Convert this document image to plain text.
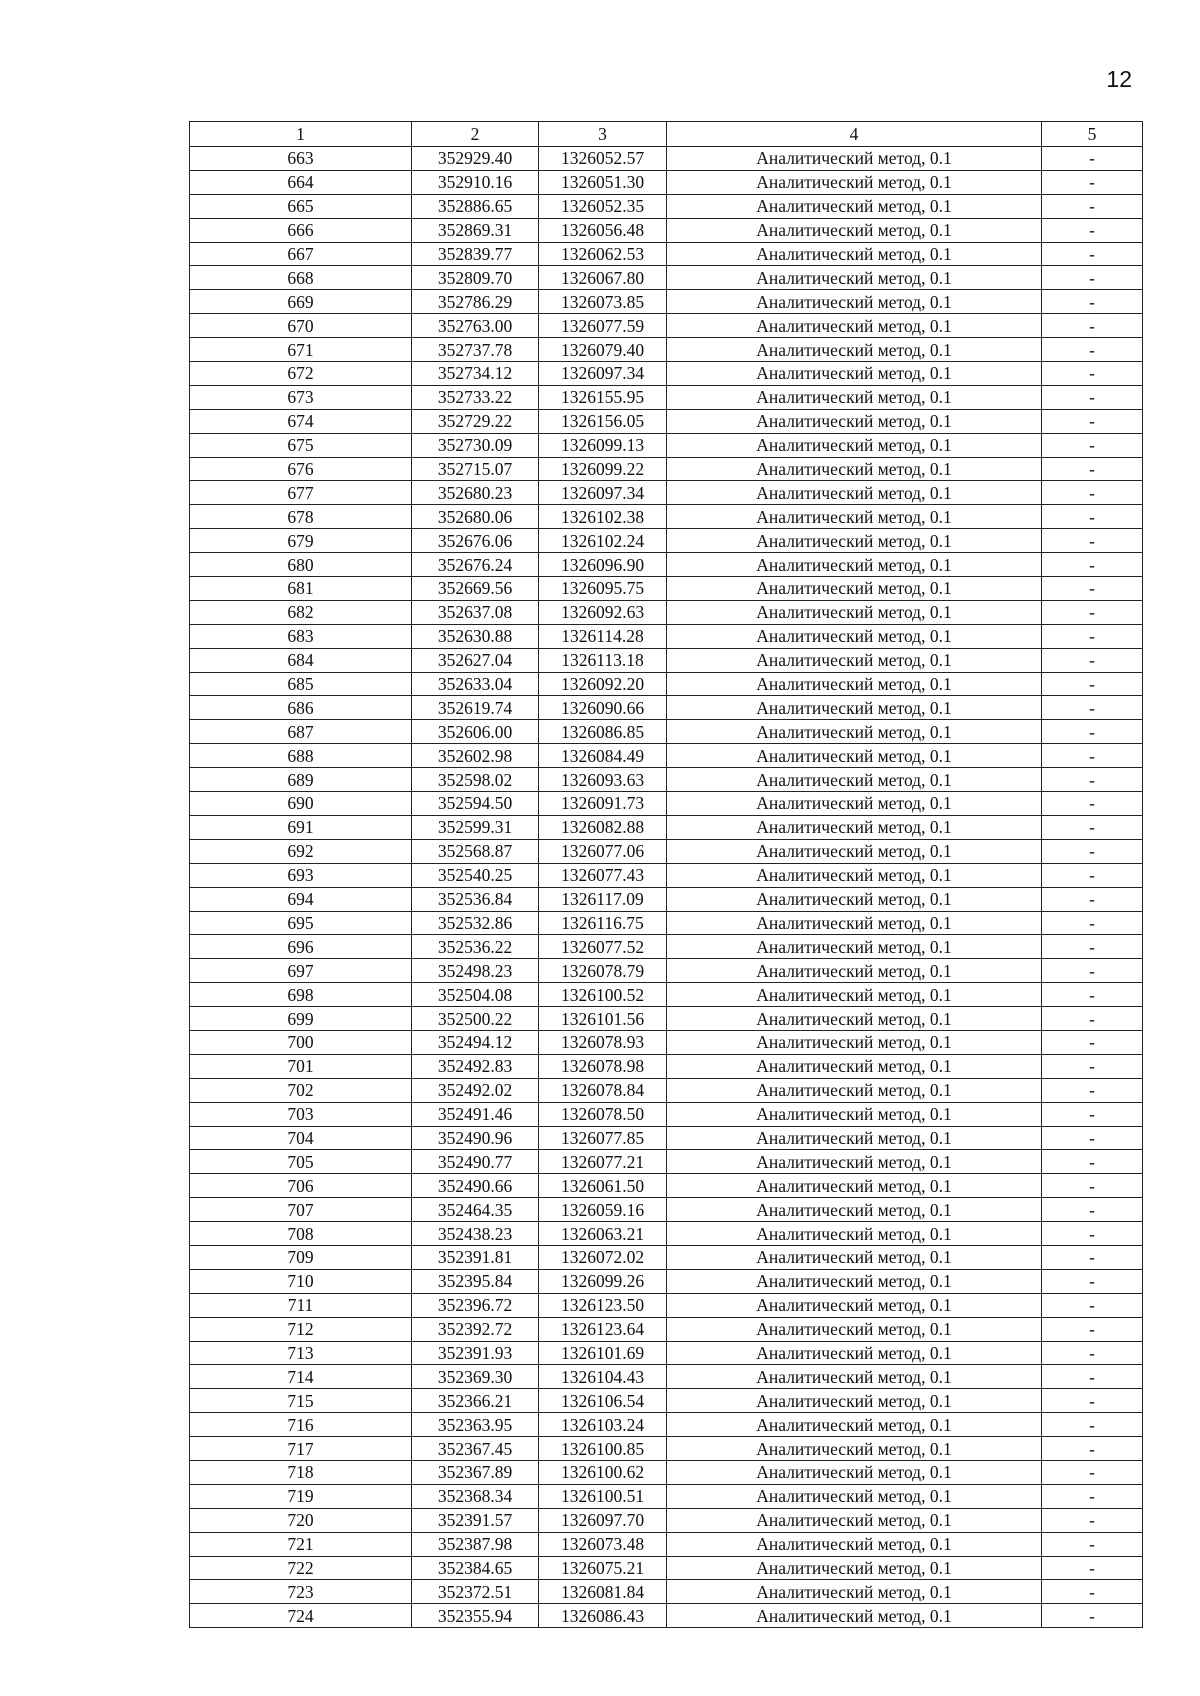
12
1	2	3	4	5
663	352929.40	1326052.57	Аналитический метод, 0.1	-
664	352910.16	1326051.30	Аналитический метод, 0.1	-
665	352886.65	1326052.35	Аналитический метод, 0.1	-
666	352869.31	1326056.48	Аналитический метод, 0.1	-
667	352839.77	1326062.53	Аналитический метод, 0.1	-
668	352809.70	1326067.80	Аналитический метод, 0.1	-
669	352786.29	1326073.85	Аналитический метод, 0.1	-
670	352763.00	1326077.59	Аналитический метод, 0.1	-
671	352737.78	1326079.40	Аналитический метод, 0.1	-
672	352734.12	1326097.34	Аналитический метод, 0.1	-
673	352733.22	1326155.95	Аналитический метод, 0.1	-
674	352729.22	1326156.05	Аналитический метод, 0.1	-
675	352730.09	1326099.13	Аналитический метод, 0.1	-
676	352715.07	1326099.22	Аналитический метод, 0.1	-
677	352680.23	1326097.34	Аналитический метод, 0.1	-
678	352680.06	1326102.38	Аналитический метод, 0.1	-
679	352676.06	1326102.24	Аналитический метод, 0.1	-
680	352676.24	1326096.90	Аналитический метод, 0.1	-
681	352669.56	1326095.75	Аналитический метод, 0.1	-
682	352637.08	1326092.63	Аналитический метод, 0.1	-
683	352630.88	1326114.28	Аналитический метод, 0.1	-
684	352627.04	1326113.18	Аналитический метод, 0.1	-
685	352633.04	1326092.20	Аналитический метод, 0.1	-
686	352619.74	1326090.66	Аналитический метод, 0.1	-
687	352606.00	1326086.85	Аналитический метод, 0.1	-
688	352602.98	1326084.49	Аналитический метод, 0.1	-
689	352598.02	1326093.63	Аналитический метод, 0.1	-
690	352594.50	1326091.73	Аналитический метод, 0.1	-
691	352599.31	1326082.88	Аналитический метод, 0.1	-
692	352568.87	1326077.06	Аналитический метод, 0.1	-
693	352540.25	1326077.43	Аналитический метод, 0.1	-
694	352536.84	1326117.09	Аналитический метод, 0.1	-
695	352532.86	1326116.75	Аналитический метод, 0.1	-
696	352536.22	1326077.52	Аналитический метод, 0.1	-
697	352498.23	1326078.79	Аналитический метод, 0.1	-
698	352504.08	1326100.52	Аналитический метод, 0.1	-
699	352500.22	1326101.56	Аналитический метод, 0.1	-
700	352494.12	1326078.93	Аналитический метод, 0.1	-
701	352492.83	1326078.98	Аналитический метод, 0.1	-
702	352492.02	1326078.84	Аналитический метод, 0.1	-
703	352491.46	1326078.50	Аналитический метод, 0.1	-
704	352490.96	1326077.85	Аналитический метод, 0.1	-
705	352490.77	1326077.21	Аналитический метод, 0.1	-
706	352490.66	1326061.50	Аналитический метод, 0.1	-
707	352464.35	1326059.16	Аналитический метод, 0.1	-
708	352438.23	1326063.21	Аналитический метод, 0.1	-
709	352391.81	1326072.02	Аналитический метод, 0.1	-
710	352395.84	1326099.26	Аналитический метод, 0.1	-
711	352396.72	1326123.50	Аналитический метод, 0.1	-
712	352392.72	1326123.64	Аналитический метод, 0.1	-
713	352391.93	1326101.69	Аналитический метод, 0.1	-
714	352369.30	1326104.43	Аналитический метод, 0.1	-
715	352366.21	1326106.54	Аналитический метод, 0.1	-
716	352363.95	1326103.24	Аналитический метод, 0.1	-
717	352367.45	1326100.85	Аналитический метод, 0.1	-
718	352367.89	1326100.62	Аналитический метод, 0.1	-
719	352368.34	1326100.51	Аналитический метод, 0.1	-
720	352391.57	1326097.70	Аналитический метод, 0.1	-
721	352387.98	1326073.48	Аналитический метод, 0.1	-
722	352384.65	1326075.21	Аналитический метод, 0.1	-
723	352372.51	1326081.84	Аналитический метод, 0.1	-
724	352355.94	1326086.43	Аналитический метод, 0.1	-
